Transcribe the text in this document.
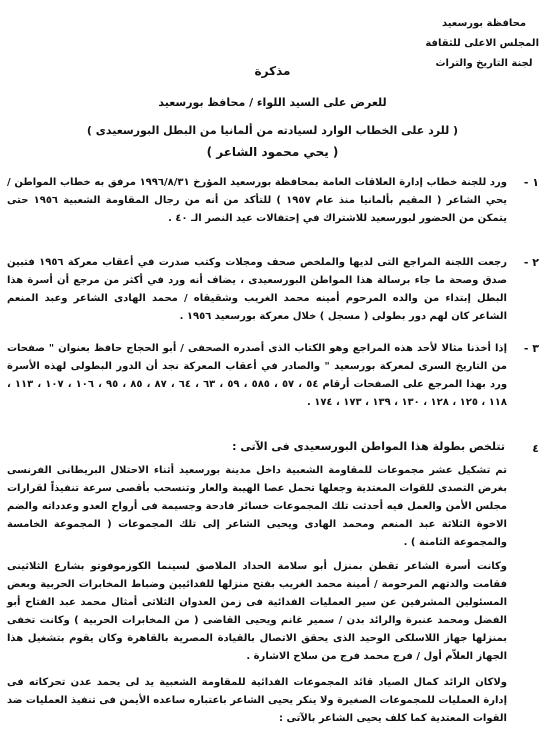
محافظة بورسعيد
المجلس الاعلى للثقافة
لجنة التاريخ والتراث
مذكرة
للعرض على السيد اللواء / محافظ بورسعيد
( للرد على الخطاب الوارد لسيادته من ألمانيا من البطل البورسعيدى )
( يحي محمود الشاعر )
١ -
ورد للجنة خطاب إدارة العلاقات العامة بمحافظة بورسعيد المؤرخ ١٩٩٦/٨/٣١ مرفق به خطاب المواطن / يحي الشاعر ( المقيم بألمانيا منذ عام ١٩٥٧ ) للتأكد من أنه من رجال المقاومة الشعبية ١٩٥٦ حتى يتمكن من الحضور لبورسعيد للاشتراك في إحتفالات عيد النصر الـ ٤٠ .
٢ -
رجعت اللجنة المراجع التى لديها والملخص صحف ومجلات وكتب صدرت في أعقاب معركة ١٩٥٦ فتبين صدق وصحة ما جاء برسالة هذا المواطن البورسعيدى ، يضاف أنه ورد في أكثر من مرجع أن أسرة هذا البطل إبتداء من والده المرحوم أمينه محمد الغريب وشقيقاه / محمد الهادى الشاعر وعبد المنعم الشاعر كان لهم دور بطولى ( مسجل ) خلال معركة بورسعيد ١٩٥٦ .
٣ -
إذا أخذنا مثالا لأحد هذه المراجع وهو الكتاب الذى أصدره الصحفى / أبو الحجاج حافظ بعنوان " صفحات من التاريخ السرى لمعركة بورسعيد " والصادر في أعقاب المعركة نجد أن الدور البطولى لهذه الأسرة ورد بهذا المرجع على الصفحات أرقام ٥٤ ، ٥٧ ، ٥٨٥ ، ٥٩ ، ٦٣ ، ٦٤ ، ٨٧ ، ٨٥ ، ٩٥ ، ١٠٦ ، ١٠٧ ، ١١٣ ، ١١٨ ، ١٢٥ ، ١٢٨ ، ١٣٠ ، ١٣٩ ، ١٧٣ ، ١٧٤ .
٤
تتلخص بطولة هذا المواطن البورسعيدى فى الآتى :
تم تشكيل عشر مجموعات للمقاومة الشعبية داخل مدينة بورسعيد أثناء الاحتلال البريطانى الفرنسى بغرض التصدى للقوات المعتدية وجعلها تحمل عصا الهيبة والعار وتنسحب بأقصى سرعة تنفيذاً لقرارات مجلس الأمن والعمل فيه أحدثت تلك المجموعات خسائر فادحة وجسيمة فى أرواح العدو وعدداته والضم الاخوة الثلاثة عبد المنعم ومحمد الهادى ويحيى الشاعر إلى تلك المجموعات ( المجموعة الخامسة والمجموعة الثامنة ) .
وكانت أسرة الشاعر تقطن بمنزل أبو سلامة الحداد الملاصق لسينما الكوزموفوتو بشارع الثلاثينى فقامت والدتهم المرحومة / أمينة محمد الغريب بفتح منزلها للفدائيين وضباط المخابرات الحربية وبعض المسئولين المشرفين عن سير العمليات الفدائية فى زمن العدوان الثلاثى أمثال محمد عبد الفتاح أبو الفضل ومحمد عنبرة والرائد بدن / سمير غانم ويحيى القاضى ( من المخابرات الحربية ) وكانت تخفى بمنزلها جهاز اللاسلكى الوحيد الذى يحقق الاتصال بالقيادة المصرية بالقاهرة وكان يقوم بتشغيل هذا الجهاز العلاّم أول / فرج محمد فرج من سلاح الاشارة .
ولاكان الرائد كمال الصياد قائد المجموعات الفدائية للمقاومة الشعبية يد لى يحمد عدن تحركاته فى إدارة العمليات للمجموعات الصغيرة ولا ينكر يحيى الشاعر باعتباره ساعده الأيمن فى تنفيذ العمليات ضد القوات المعتدية كما كلف يحيى الشاعر بالآتى :
